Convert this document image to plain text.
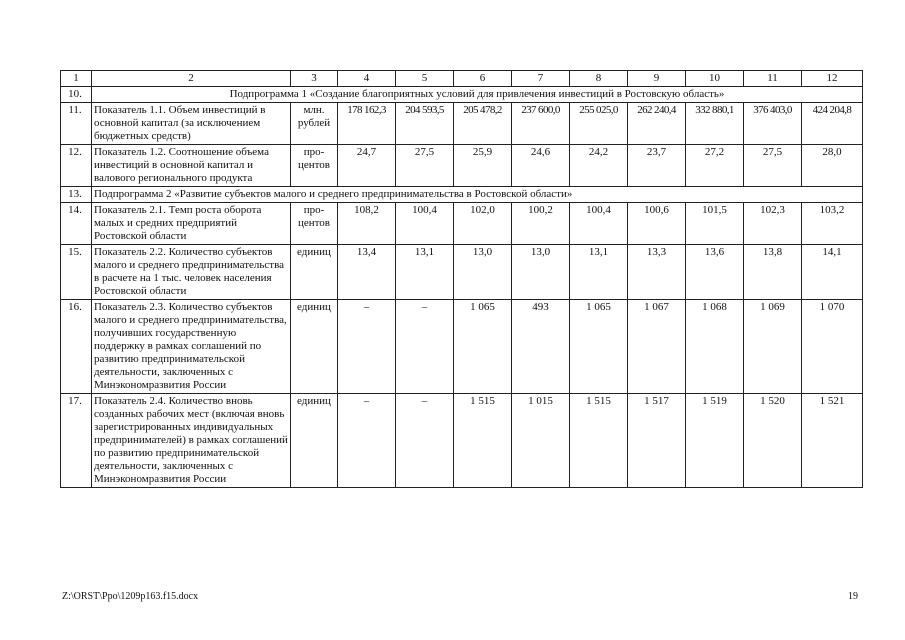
1	2	3	4	5	6	7	8	9	10	11	12
10.	Подпрограмма 1 «Создание благоприятных условий для привлечения инвестиций в Ростовскую область»										
11.	Показатель 1.1. Объем инвестиций в основной капитал (за исключением бюджетных средств)	млн. рублей	178 162,3	204 593,5	205 478,2	237 600,0	255 025,0	262 240,4	332 880,1	376 403,0	424 204,8
12.	Показатель 1.2. Соотношение объема инвестиций в основной капитал и валового регионального продукта	про-центов	24,7	27,5	25,9	24,6	24,2	23,7	27,2	27,5	28,0
13.	Подпрограмма 2 «Развитие субъектов малого и среднего предпринимательства в Ростовской области»										
14.	Показатель 2.1. Темп роста оборота малых и средних предприятий Ростовской области	про-центов	108,2	100,4	102,0	100,2	100,4	100,6	101,5	102,3	103,2
15.	Показатель 2.2. Количество субъектов малого и среднего предпринимательства в расчете на 1 тыс. человек населения Ростовской области	единиц	13,4	13,1	13,0	13,0	13,1	13,3	13,6	13,8	14,1
16.	Показатель 2.3. Количество субъектов малого и среднего предпринимательства, получивших государственную поддержку в рамках соглашений по развитию предпринимательской деятельности, заключенных с Минэкономразвития России	единиц	–	–	1 065	493	1 065	1 067	1 068	1 069	1 070
17.	Показатель 2.4. Количество вновь созданных рабочих мест (включая вновь зарегистрированных индивидуальных предпринимателей) в рамках соглашений по развитию предпринимательской деятельности, заключенных с Минэкономразвития России	единиц	–	–	1 515	1 015	1 515	1 517	1 519	1 520	1 521
Z:\ORST\Ppo\1209p163.f15.docx	19
